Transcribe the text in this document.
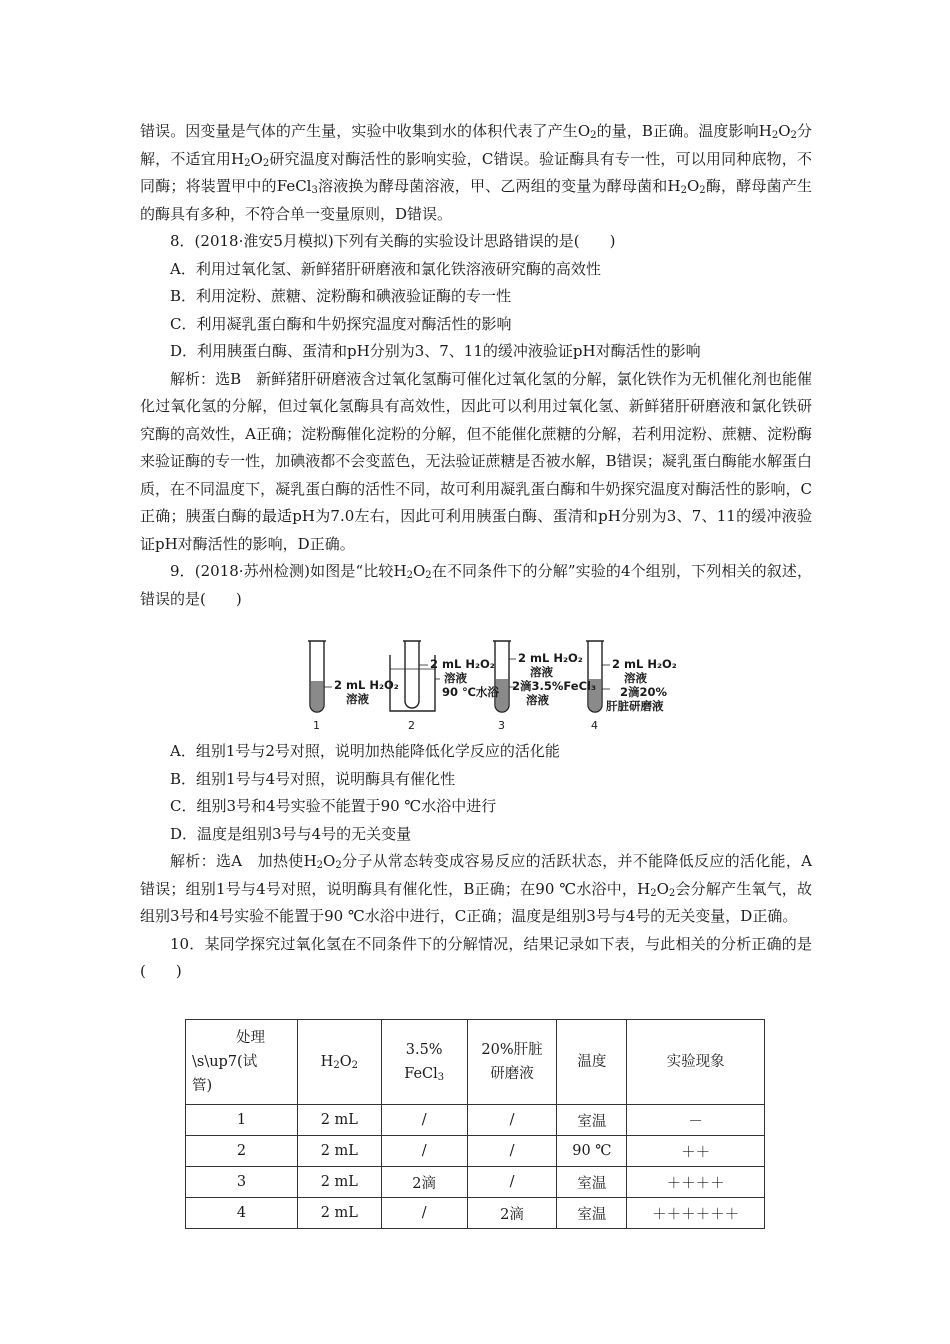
错误。因变量是气体的产生量，实验中收集到水的体积代表了产生$O_2$的量，B正确。温度影响$H_2O_2$分解，不适宜用$H_2O_2$研究温度对酶活性的影响实验，C错误。验证酶具有专一性，可以用同种底物，不同酶；将装置甲中的FeCl$_3$溶液换为酵母菌溶液，甲、乙两组的变量为酵母菌和$H_2O_2$酶，酵母菌产生的酶具有多种，不符合单一变量原则，D错误。

8．(2018·淮安5月模拟)下列有关酶的实验设计思路错误的是(　　)

A．利用过氧化氢、新鲜猪肝研磨液和氯化铁溶液研究酶的高效性

B．利用淀粉、蔗糖、淀粉酶和碘液验证酶的专一性

C．利用凝乳蛋白酶和牛奶探究温度对酶活性的影响

D．利用胰蛋白酶、蛋清和pH分别为3、7、11的缓冲液验证pH对酶活性的影响

解析：选B　新鲜猪肝研磨液含过氧化氢酶可催化过氧化氢的分解，氯化铁作为无机催化剂也能催化过氧化氢的分解，但过氧化氢酶具有高效性，因此可以利用过氧化氢、新鲜猪肝研磨液和氯化铁研究酶的高效性，A正确；淀粉酶催化淀粉的分解，但不能催化蔗糖的分解，若利用淀粉、蔗糖、淀粉酶来验证酶的专一性，加碘液都不会变蓝色，无法验证蔗糖是否被水解，B错误；凝乳蛋白酶能水解蛋白质，在不同温度下，凝乳蛋白酶的活性不同，故可利用凝乳蛋白酶和牛奶探究温度对酶活性的影响，C正确；胰蛋白酶的最适pH为7.0左右，因此可利用胰蛋白酶、蛋清和pH分别为3、7、11的缓冲液验证pH对酶活性的影响，D正确。

9．(2018·苏州检测)如图是“比较$H_2O_2$在不同条件下的分解”实验的4个组别，下列相关的叙述，错误的是(　　)

2 mL H₂O₂
溶液
2 mL H₂O₂
溶液
90 ℃水浴
2 mL H₂O₂
溶液
2滴3.5%FeCl₃
溶液
2 mL H₂O₂
溶液
2滴20%
肝脏研磨液
1	2	3	4

A．组别1号与2号对照，说明加热能降低化学反应的活化能

B．组别1号与4号对照，说明酶具有催化性

C．组别3号和4号实验不能置于90 ℃水浴中进行

D．温度是组别3号与4号的无关变量

解析：选A　加热使$H_2O_2$分子从常态转变成容易反应的活跃状态，并不能降低反应的活化能，A错误；组别1号与4号对照，说明酶具有催化性，B正确；在90 ℃水浴中，$H_2O_2$会分解产生氧气，故组别3号和4号实验不能置于90 ℃水浴中进行，C正确；温度是组别3号与4号的无关变量，D正确。

10．某同学探究过氧化氢在不同条件下的分解情况，结果记录如下表，与此相关的分析正确的是(　　)

处理
\s\up7(试
管)	$H_2O_2$	3.5%
FeCl$_3$	20%肝脏
研磨液	温度	实验现象
1	2 mL	/	/	室温	－
2	2 mL	/	/	90 ℃	＋＋
3	2 mL	2滴	/	室温	＋＋＋＋
4	2 mL	/	2滴	室温	＋＋＋＋＋＋
